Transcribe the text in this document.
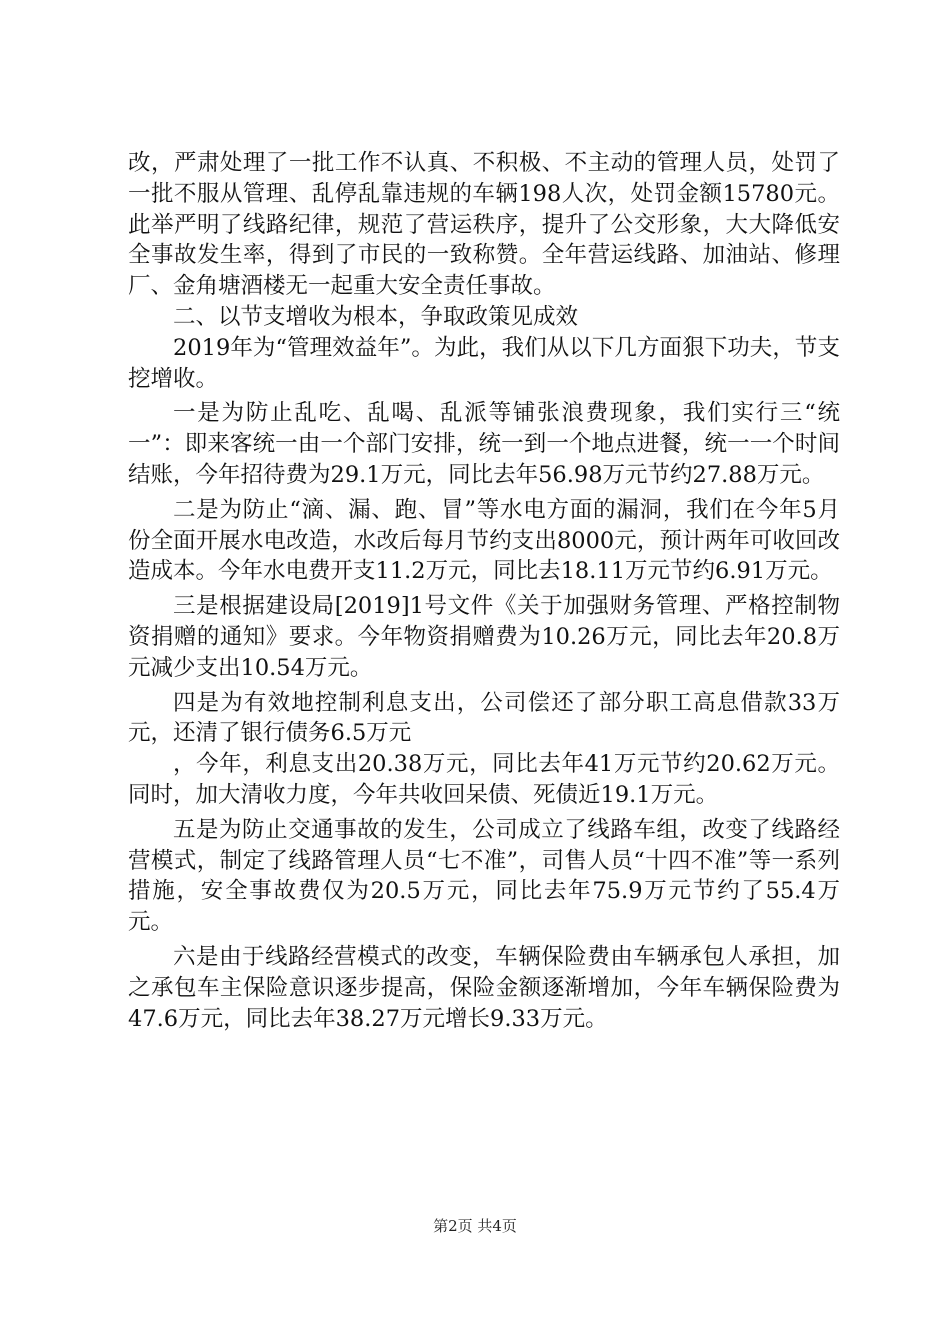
改，严肃处理了一批工作不认真、不积极、不主动的管理人员，处罚了一批不服从管理、乱停乱靠违规的车辆198人次，处罚金额15780元。此举严明了线路纪律，规范了营运秩序，提升了公交形象，大大降低安全事故发生率，得到了市民的一致称赞。全年营运线路、加油站、修理厂、金角塘酒楼无一起重大安全责任事故。

二、以节支增收为根本，争取政策见成效

2019年为“管理效益年”。为此，我们从以下几方面狠下功夫，节支挖增收。

一是为防止乱吃、乱喝、乱派等铺张浪费现象，我们实行三“统一”：即来客统一由一个部门安排，统一到一个地点进餐，统一一个时间结账，今年招待费为29.1万元，同比去年56.98万元节约27.88万元。

二是为防止“滴、漏、跑、冒”等水电方面的漏洞，我们在今年5月份全面开展水电改造，水改后每月节约支出8000元，预计两年可收回改造成本。今年水电费开支11.2万元，同比去18.11万元节约6.91万元。

三是根据建设局[2019]1号文件《关于加强财务管理、严格控制物资捐赠的通知》要求。今年物资捐赠费为10.26万元，同比去年20.8万元减少支出10.54万元。

四是为有效地控制利息支出，公司偿还了部分职工高息借款33万元，还清了银行债务6.5万元

，今年，利息支出20.38万元，同比去年41万元节约20.62万元。同时，加大清收力度，今年共收回呆债、死债近19.1万元。

五是为防止交通事故的发生，公司成立了线路车组，改变了线路经营模式，制定了线路管理人员“七不准”，司售人员“十四不准”等一系列措施，安全事故费仅为20.5万元，同比去年75.9万元节约了55.4万元。

六是由于线路经营模式的改变，车辆保险费由车辆承包人承担，加之承包车主保险意识逐步提高，保险金额逐渐增加，今年车辆保险费为47.6万元，同比去年38.27万元增长9.33万元。

第2页 共4页
